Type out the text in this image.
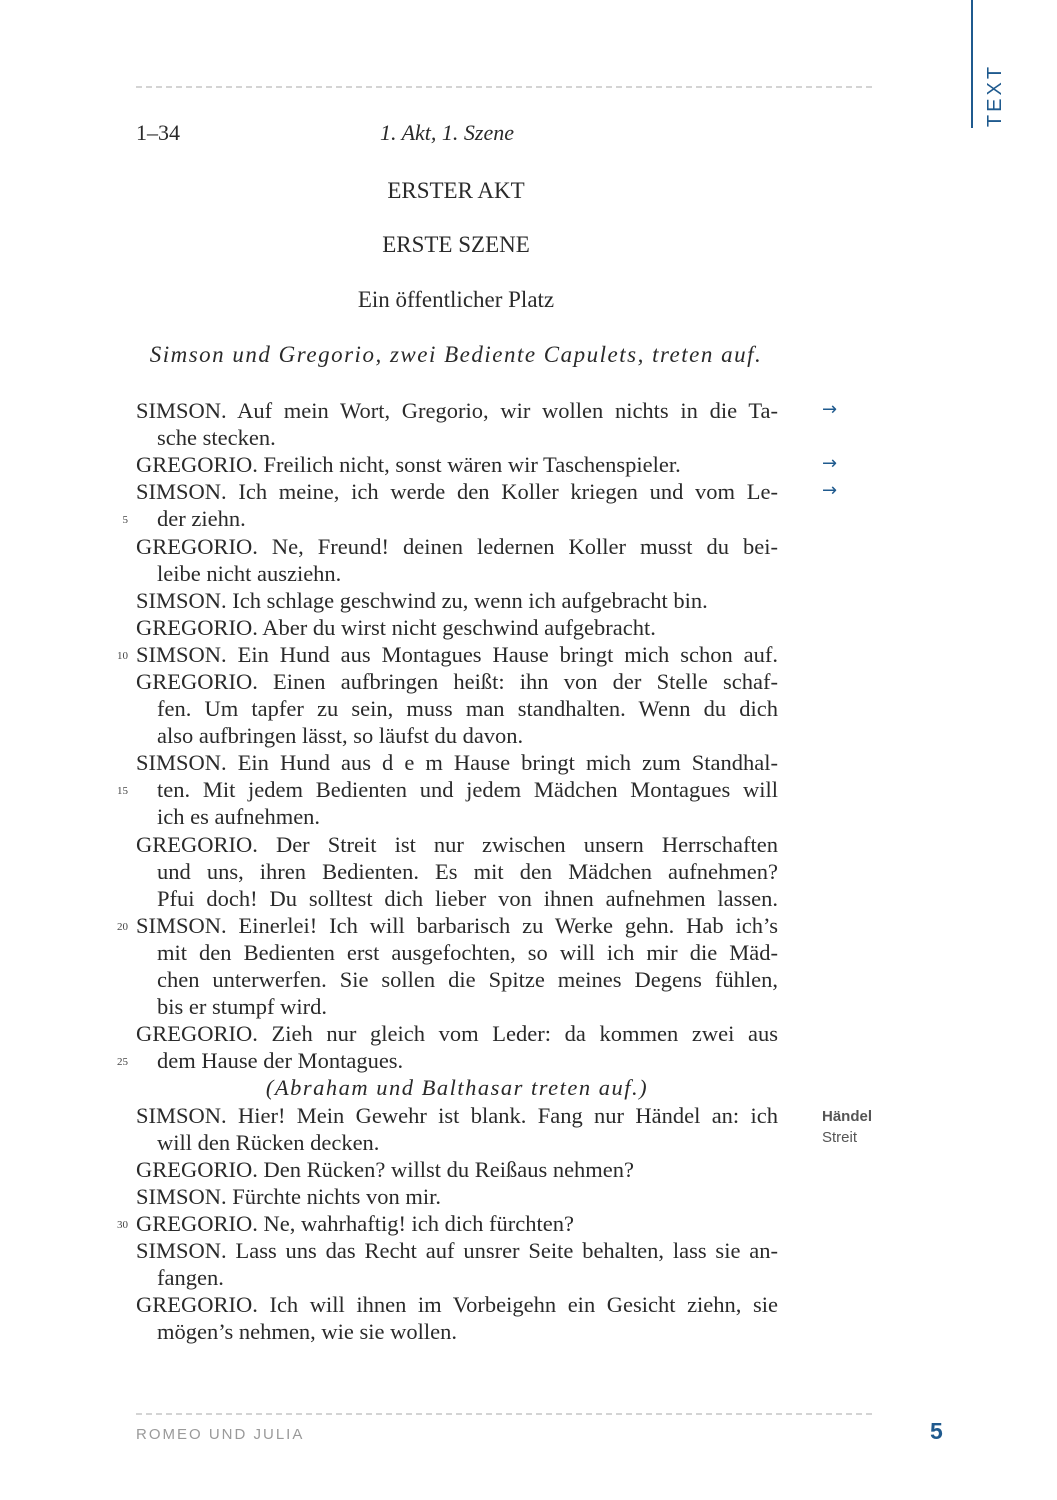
TEXT
1–34	1. Akt, 1. Szene
ERSTER AKT
ERSTE SZENE
Ein öffentlicher Platz
Simson und Gregorio, zwei Bediente Capulets, treten auf.
SIMSON. Auf mein Wort, Gregorio, wir wollen nichts in die Ta-
sche stecken.
GREGORIO. Freilich nicht, sonst wären wir Taschenspieler.
SIMSON. Ich meine, ich werde den Koller kriegen und vom Le-
der ziehn.
GREGORIO. Ne, Freund! deinen ledernen Koller musst du bei-
leibe nicht ausziehn.
SIMSON. Ich schlage geschwind zu, wenn ich aufgebracht bin.
GREGORIO. Aber du wirst nicht geschwind aufgebracht.
SIMSON. Ein Hund aus Montagues Hause bringt mich schon auf.
GREGORIO. Einen aufbringen heißt: ihn von der Stelle schaf-
fen. Um tapfer zu sein, muss man standhalten. Wenn du dich
also aufbringen lässt, so läufst du davon.
SIMSON. Ein Hund aus d e m Hause bringt mich zum Standhal-
ten. Mit jedem Bedienten und jedem Mädchen Montagues will
ich es aufnehmen.
GREGORIO. Der Streit ist nur zwischen unsern Herrschaften
und uns, ihren Bedienten. Es mit den Mädchen aufnehmen?
Pfui doch! Du solltest dich lieber von ihnen aufnehmen lassen.
SIMSON. Einerlei! Ich will barbarisch zu Werke gehn. Hab ich’s
mit den Bedienten erst ausgefochten, so will ich mir die Mäd-
chen unterwerfen. Sie sollen die Spitze meines Degens fühlen,
bis er stumpf wird.
GREGORIO. Zieh nur gleich vom Leder: da kommen zwei aus
dem Hause der Montagues.
(Abraham und Balthasar treten auf.)
SIMSON. Hier! Mein Gewehr ist blank. Fang nur Händel an: ich
will den Rücken decken.
GREGORIO. Den Rücken? willst du Reißaus nehmen?
SIMSON. Fürchte nichts von mir.
GREGORIO. Ne, wahrhaftig! ich dich fürchten?
SIMSON. Lass uns das Recht auf unsrer Seite behalten, lass sie an-
fangen.
GREGORIO. Ich will ihnen im Vorbeigehn ein Gesicht ziehn, sie
mögen’s nehmen, wie sie wollen.
5
10
15
20
25
30
→
→
→
Händel
Streit
ROMEO UND JULIA	5
